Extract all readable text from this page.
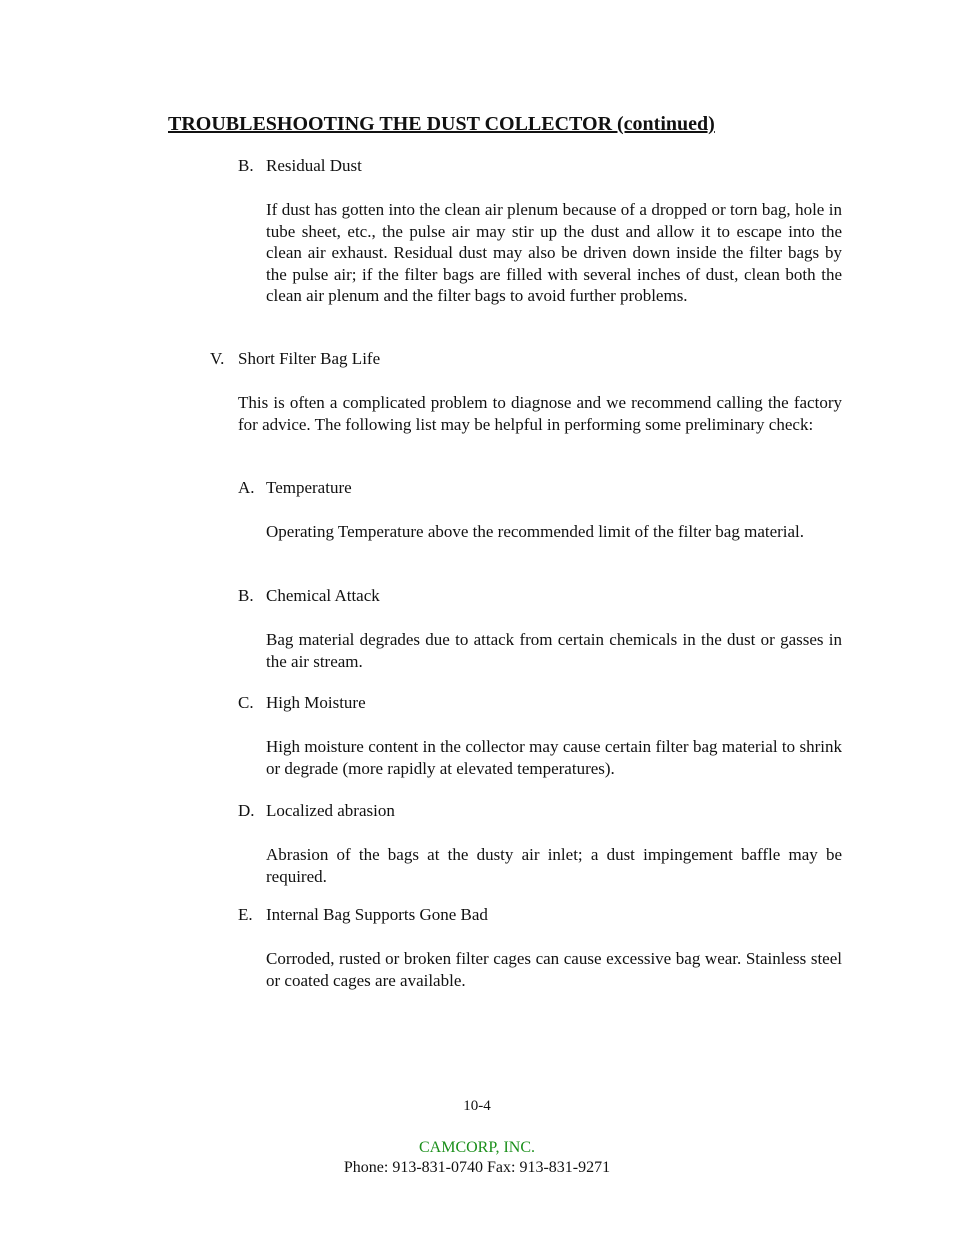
TROUBLESHOOTING THE DUST COLLECTOR (continued)
B. Residual Dust
If dust has gotten into the clean air plenum because of a dropped or torn bag, hole in tube sheet, etc., the pulse air may stir up the dust and allow it to escape into the clean air exhaust. Residual dust may also be driven down inside the filter bags by the pulse air; if the filter bags are filled with several inches of dust, clean both the clean air plenum and the filter bags to avoid further problems.
V. Short Filter Bag Life
This is often a complicated problem to diagnose and we recommend calling the factory for advice. The following list may be helpful in performing some preliminary check:
A. Temperature
Operating Temperature above the recommended limit of the filter bag material.
B. Chemical Attack
Bag material degrades due to attack from certain chemicals in the dust or gasses in the air stream.
C. High Moisture
High moisture content in the collector may cause certain filter bag material to shrink or degrade (more rapidly at elevated temperatures).
D. Localized abrasion
Abrasion of the bags at the dusty air inlet; a dust impingement baffle may be required.
E. Internal Bag Supports Gone Bad
Corroded, rusted or broken filter cages can cause excessive bag wear. Stainless steel or coated cages are available.
10-4
CAMCORP, INC.
Phone: 913-831-0740 Fax: 913-831-9271
